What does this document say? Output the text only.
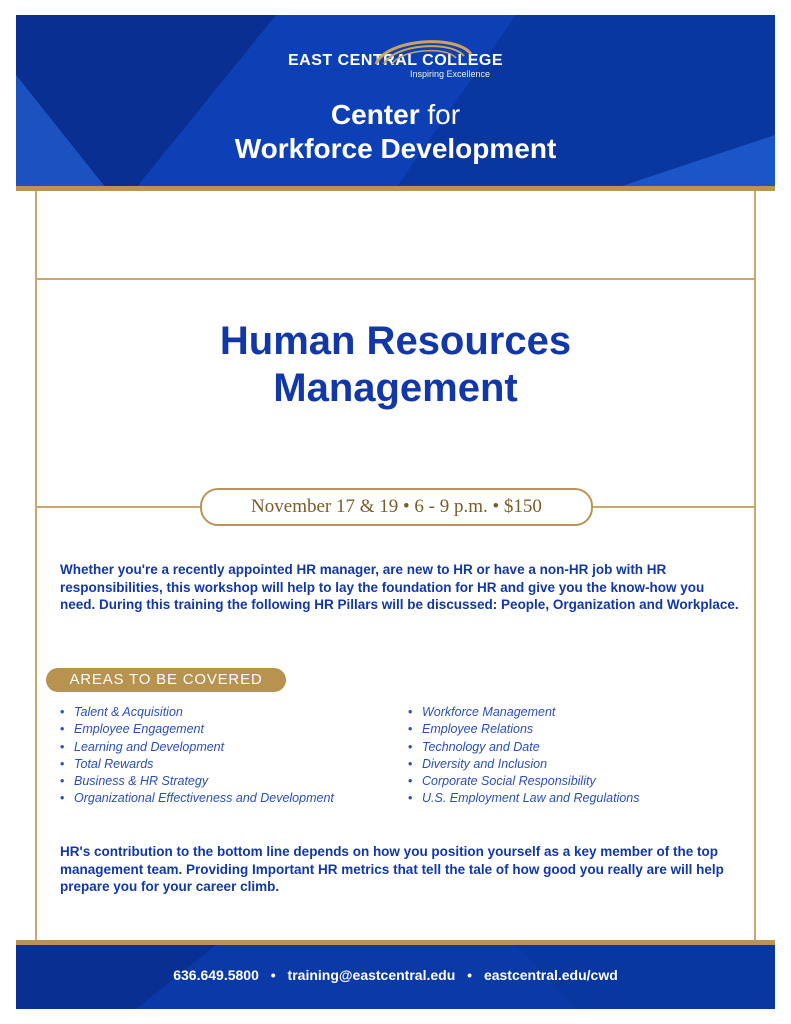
EAST CENTRAL COLLEGE
Inspiring Excellence
Center for
Workforce Development
Human Resources
Management
November 17 & 19 • 6 - 9 p.m. • $150
Whether you're a recently appointed HR manager, are new to HR or have a non-HR job with HR responsibilities, this workshop will help to lay the foundation for HR and give you the know-how you need. During this training the following HR Pillars will be discussed: People, Organization and Workplace.
AREAS TO BE COVERED
• Talent & Acquisition
• Employee Engagement
• Learning and Development
• Total Rewards
• Business & HR Strategy
• Organizational Effectiveness and Development
• Workforce Management
• Employee Relations
• Technology and Date
• Diversity and Inclusion
• Corporate Social Responsibility
• U.S. Employment Law and Regulations
HR's contribution to the bottom line depends on how you position yourself as a key member of the top management team. Providing Important HR metrics that tell the tale of how good you really are will help prepare you for your career climb.
636.649.5800 • training@eastcentral.edu • eastcentral.edu/cwd
